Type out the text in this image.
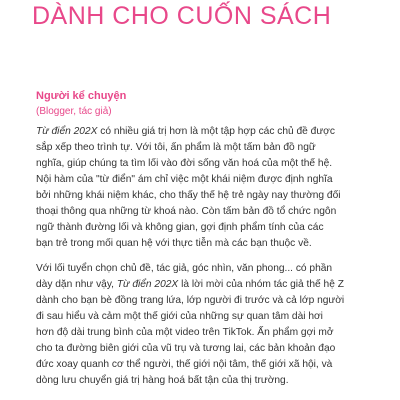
DÀNH CHO CUỐN SÁCH
Người kể chuyện
(Blogger, tác giả)
Từ điển 202X có nhiều giá trị hơn là một tập hợp các chủ đề được
sắp xếp theo trình tự. Với tôi, ấn phẩm là một tấm bản đồ ngữ
nghĩa, giúp chúng ta tìm lối vào đời sống văn hoá của một thế hệ.
Nội hàm của "từ điển" ám chỉ việc một khái niệm được định nghĩa
bởi những khái niệm khác, cho thấy thế hệ trẻ ngày nay thường đối
thoại thông qua những từ khoá nào. Còn tấm bản đồ tổ chức ngôn
ngữ thành đường lối và không gian, gợi định phẩm tính của các
bạn trẻ trong mối quan hệ với thực tiễn mà các bạn thuộc về.
Với lối tuyển chọn chủ đề, tác giả, góc nhìn, văn phong... có phần
dày dặn như vậy, Từ điển 202X là lời mời của nhóm tác giả thế hệ Z
dành cho bạn bè đồng trang lứa, lớp người đi trước và cả lớp người
đi sau hiểu và cảm một thế giới của những sự quan tâm dài hơi
hơn độ dài trung bình của một video trên TikTok. Ấn phẩm gợi mở
cho ta đường biên giới của vũ trụ và tương lai, các bản khoản đạo
đức xoay quanh cơ thể người, thế giới nội tâm, thế giới xã hội, và
dòng lưu chuyển giá trị hàng hoá bất tận của thị trường.
